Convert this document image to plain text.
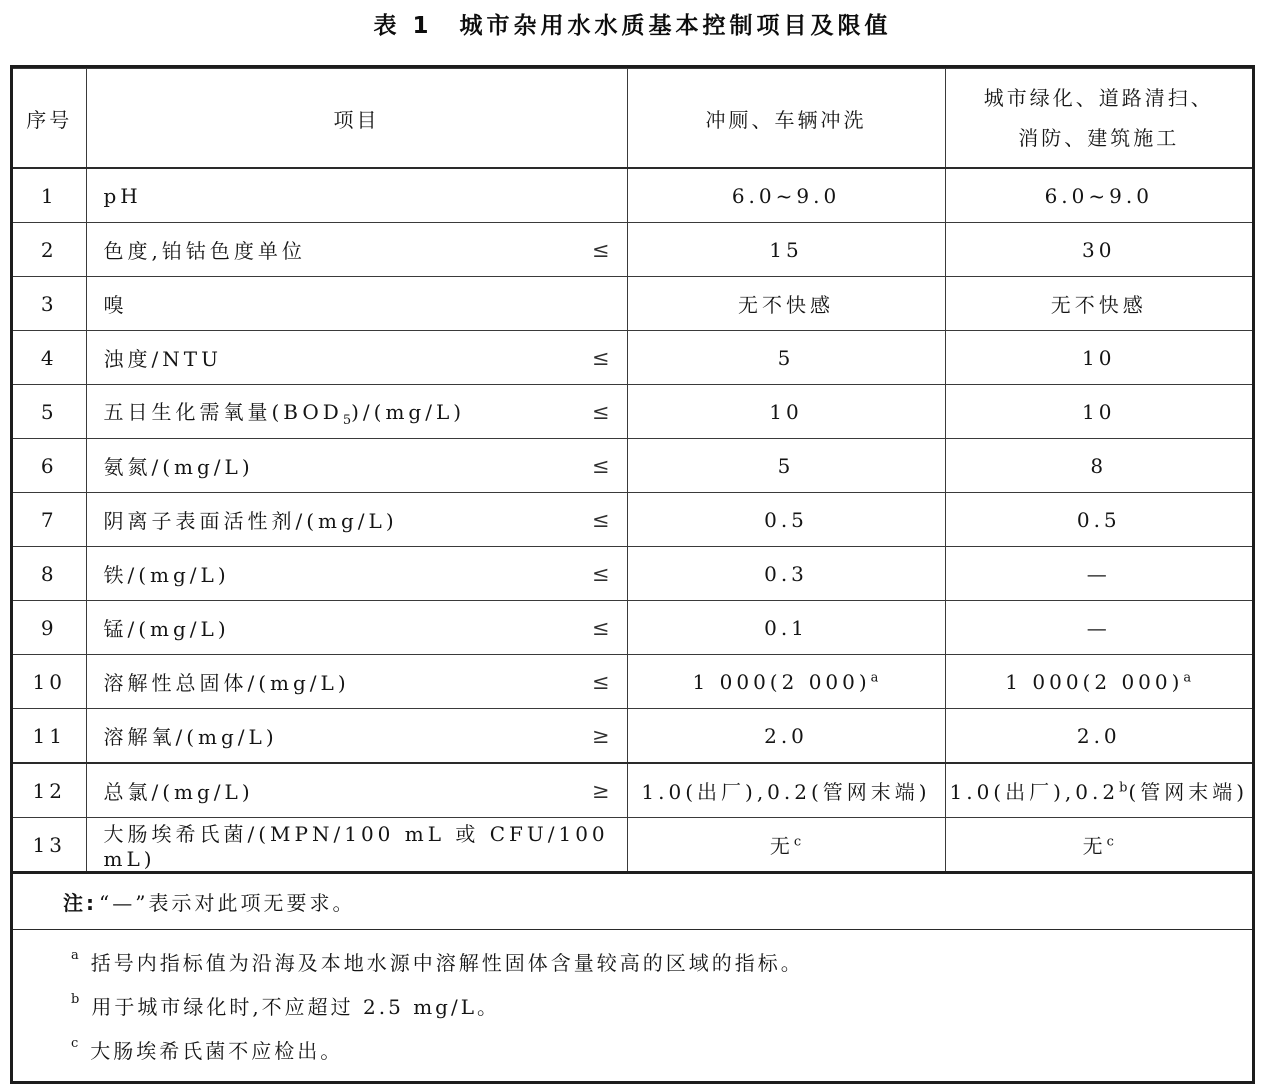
表 1　城市杂用水水质基本控制项目及限值
序号	项目	冲厕、车辆冲洗	城市绿化、道路清扫、消防、建筑施工
1	pH	6.0~9.0	6.0~9.0
2	色度,铂钴色度单位 ≤	15	30
3	嗅	无不快感	无不快感
4	浊度/NTU ≤	5	10
5	五日生化需氧量$(BOD_5)/(mg/L)$ ≤	10	10
6	氨氮/(mg/L) ≤	5	8
7	阴离子表面活性剂/(mg/L) ≤	0.5	0.5
8	铁/(mg/L) ≤	0.3	—
9	锰/(mg/L) ≤	0.1	—
10	溶解性总固体/(mg/L) ≤	1 000(2 000)$^a$	1 000(2 000)$^a$
11	溶解氧/(mg/L) ≥	2.0	2.0
12	总氯/(mg/L) ≥	1.0(出厂),0.2(管网末端)	1.0(出厂),0.2$^b$(管网末端)
13	大肠埃希氏菌/(MPN/100 mL 或 CFU/100 mL)	无$^c$	无$^c$
注: “—”表示对此项无要求。
a 括号内指标值为沿海及本地水源中溶解性固体含量较高的区域的指标。
b 用于城市绿化时,不应超过 2.5 mg/L。
c 大肠埃希氏菌不应检出。
